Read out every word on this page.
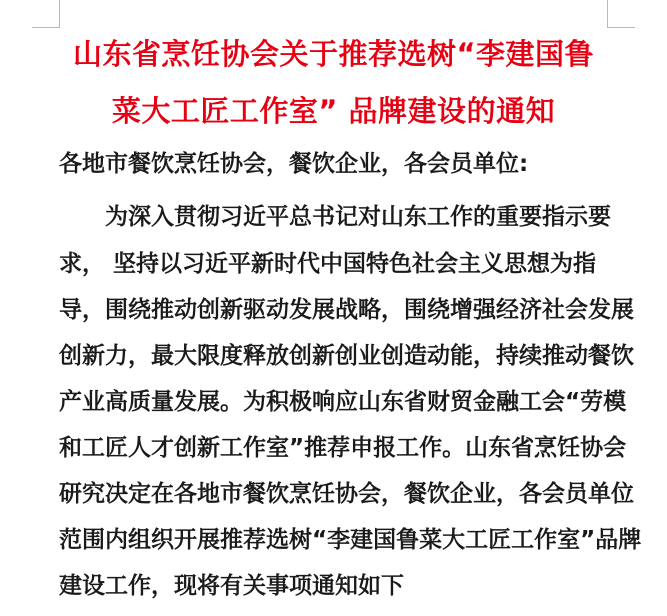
山东省烹饪协会关于推荐选树“李建国鲁
菜大工匠工作室” 品牌建设的通知
各地市餐饮烹饪协会，餐饮企业，各会员单位:
为深入贯彻习近平总书记对山东工作的重要指示要
求， 坚持以习近平新时代中国特色社会主义思想为指
导，围绕推动创新驱动发展战略，围绕增强经济社会发展
创新力，最大限度释放创新创业创造动能，持续推动餐饮
产业高质量发展。为积极响应山东省财贸金融工会“劳模
和工匠人才创新工作室”推荐申报工作。山东省烹饪协会
研究决定在各地市餐饮烹饪协会，餐饮企业，各会员单位
范围内组织开展推荐选树“李建国鲁菜大工匠工作室”品牌
建设工作，现将有关事项通知如下
